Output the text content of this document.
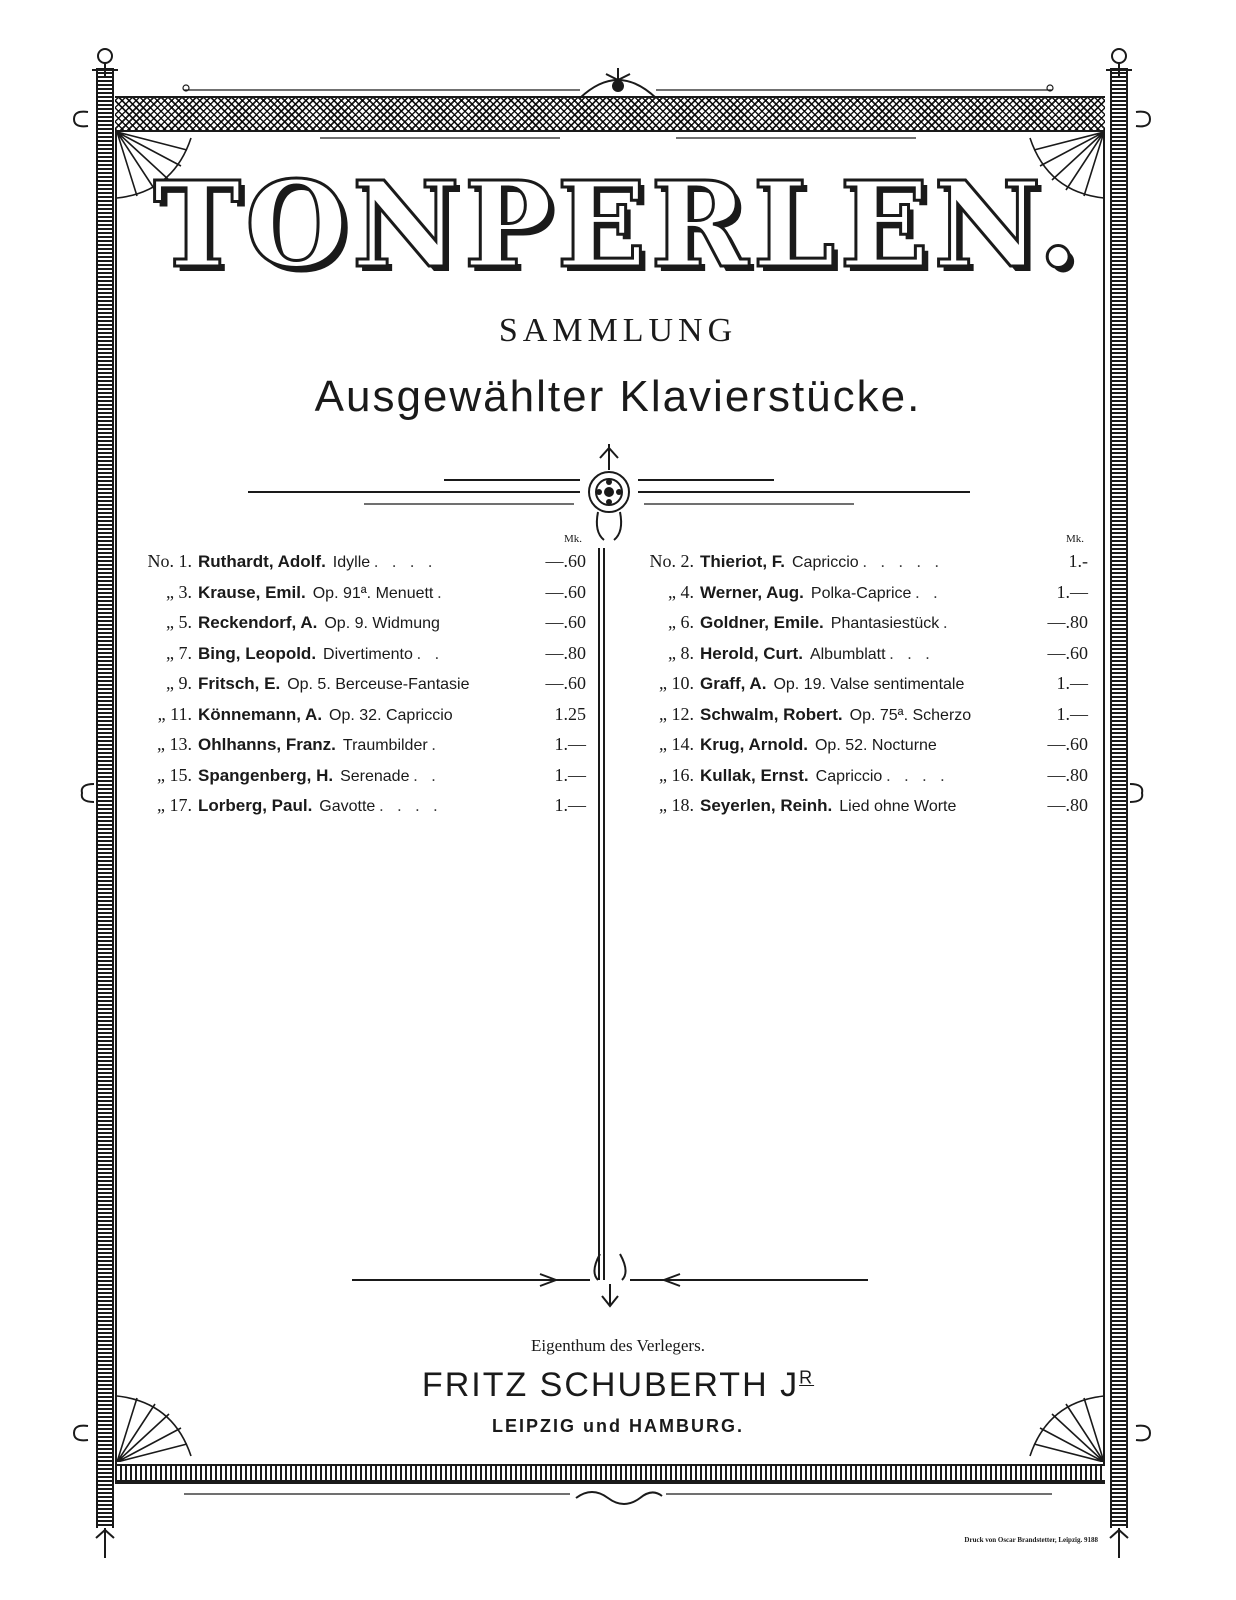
TONPERLEN.
SAMMLUNG
Ausgewählter Klavierstücke.
Mk.
No. 1. Ruthardt, Adolf. Idylle . . . .	—.60
„ 3. Krause, Emil. Op. 91ª. Menuett .	—.60
„ 5. Reckendorf, A. Op. 9. Widmung	—.60
„ 7. Bing, Leopold. Divertimento . .	—.80
„ 9. Fritsch, E. Op. 5. Berceuse-Fantasie	—.60
„ 11. Könnemann, A. Op. 32. Capriccio	1.25
„ 13. Ohlhanns, Franz. Traumbilder .	1.—
„ 15. Spangenberg, H. Serenade . .	1.—
„ 17. Lorberg, Paul. Gavotte . . . .	1.—
Mk.
No. 2. Thieriot, F. Capriccio . . . . .	1.-
„ 4. Werner, Aug. Polka-Caprice . .	1.—
„ 6. Goldner, Emile. Phantasiestück .	—.80
„ 8. Herold, Curt. Albumblatt . . .	—.60
„ 10. Graff, A. Op. 19. Valse sentimentale	1.—
„ 12. Schwalm, Robert. Op. 75ª. Scherzo	1.—
„ 14. Krug, Arnold. Op. 52. Nocturne	—.60
„ 16. Kullak, Ernst. Capriccio . . . .	—.80
„ 18. Seyerlen, Reinh. Lied ohne Worte	—.80
Eigenthum des Verlegers.
FRITZ SCHUBERTH $J^R$
LEIPZIG und HAMBURG.
Druck von Oscar Brandstetter, Leipzig. 9188
